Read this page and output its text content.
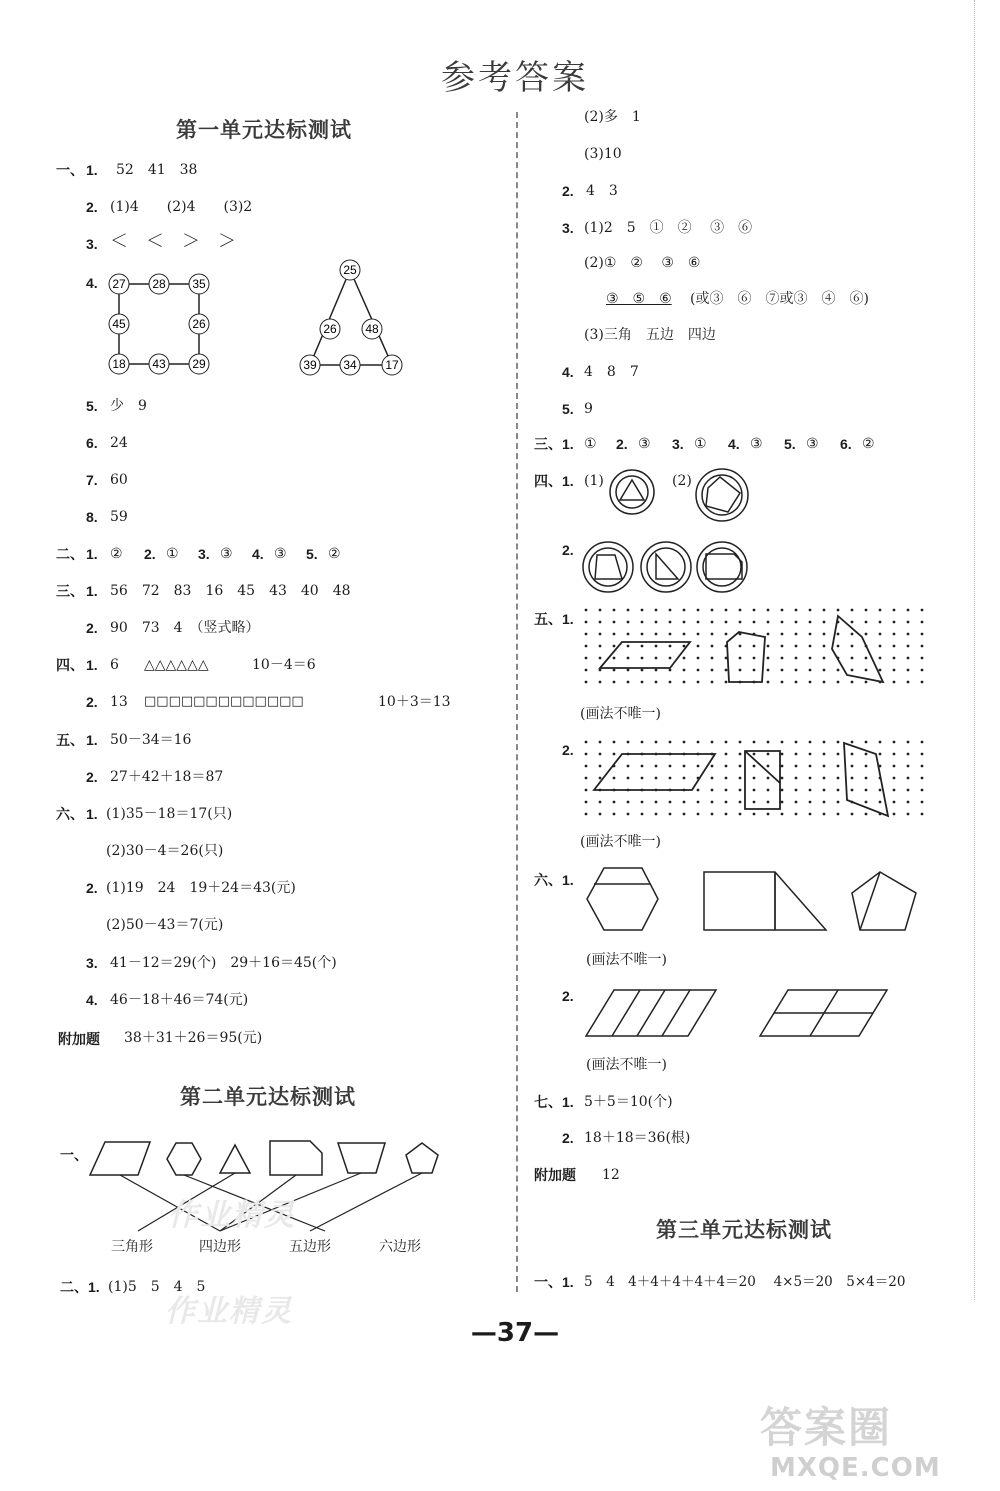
参考答案
第一单元达标测试
一、 1. 52　41　38
2. (1)4　　(2)4　　(3)2
3. ＜　＜　＞　＞
4. 27 28 35
26
29
43
18
45
25
48
17
34
39
26
5. 少　9
6. 24
7. 60
8. 59
二、 1. ② 2. ① 3. ③ 4. ③ 5. ②
三、 1. 56　72　83　16　45　43　40　48
2. 90　73　4　（竖式略）
四、 1. 6 △△△△△△	10－4＝6
2. 13 □□□□□□□□□□□□□	10＋3＝13
五、 1. 50－34＝16
2. 27＋42＋18＝87
六、 1. (1)35－18＝17(只)
(2)30－4＝26(只)
2. (1)19　24　19＋24＝43(元)
(2)50－43＝7(元)
3. 41－12＝29(个)　29＋16＝45(个)
4. 46－18＋46＝74(元)
附加题 38＋31＋26＝95(元)
第二单元达标测试
一、
三角形	四边形	五边形	六边形
作业精灵
作业精灵
二、 1. (1)5　5　4　5
(2)多　1
(3)10
2. 4　3
3. (1)2　5　①　②　 ③　⑥
(2)①　②　 ③　⑥
③　⑤　⑥ (或③　⑥　⑦或③　④　⑥)
(3)三角　五边　四边
4. 4　8　7
5. 9
三、 1. ① 2. ③ 3. ① 4. ③ 5. ③ 6. ②
四、 1. (1)	(2)
2.
五、 1.
(画法不唯一)
2.
(画法不唯一)
六、 1.
(画法不唯一)
2.
(画法不唯一)
七、 1. 5＋5＝10(个)
2. 18＋18＝36(根)
附加题 12
第三单元达标测试
一、 1. 5　4　4＋4＋4＋4＋4＝20　 4×5＝20　5×4＝20
—37—
答案圈
MXQE.COM
